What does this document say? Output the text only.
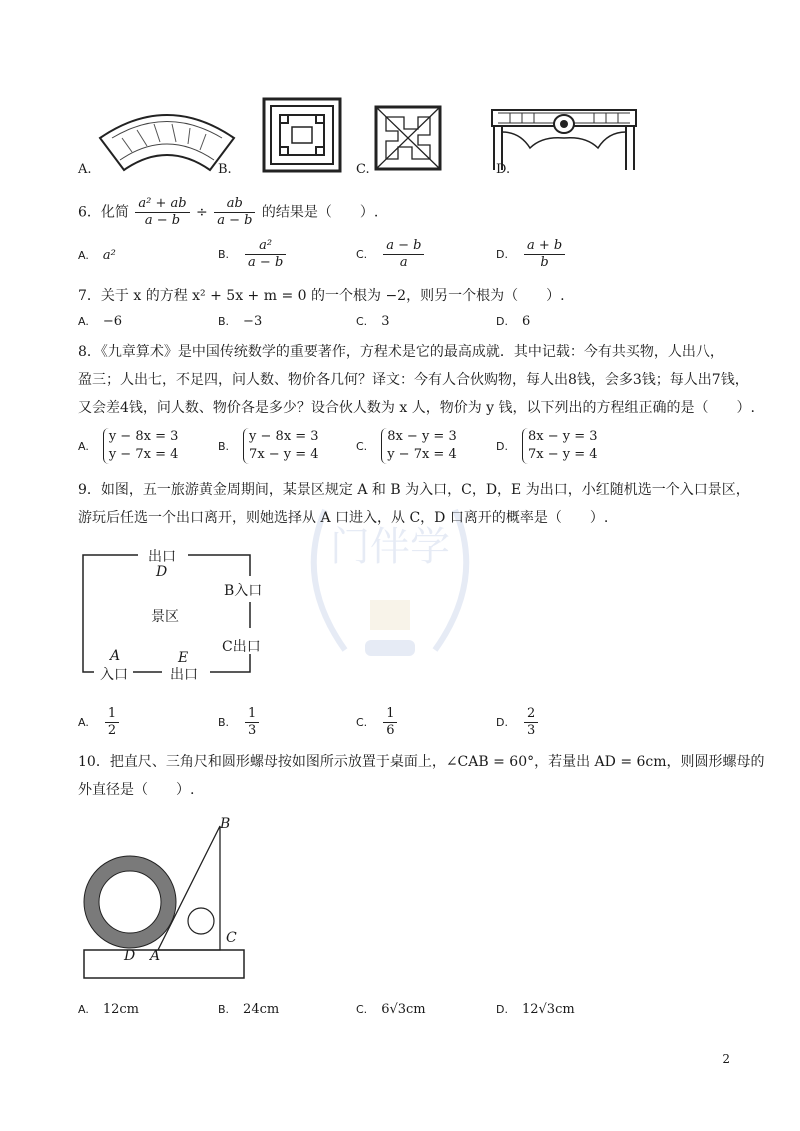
门伴学
A.	B.	C.	D.
6．化简 $\frac{\text{a² + ab}}{a - b} \div \frac{ab}{a - b}$ 的结果是（　　）.
A. a²	B. $\frac{\text{a²}}{a - b}$	C. $\frac{a - b}{a}$	D. $\frac{a + b}{b}$
7．关于 x 的方程 x² + 5x + m = 0 的一个根为 −2，则另一个根为（　　）.
A. −6	B. −3	C. 3	D. 6
8．《九章算术》是中国传统数学的重要著作，方程术是它的最高成就．其中记载：今有共买物，人出八，
盈三；人出七，不足四，问人数、物价各几何？译文：今有人合伙购物，每人出8钱，会多3钱；每人出7钱，
又会差4钱，问人数、物价各是多少？设合伙人数为 x 人，物价为 y 钱，以下列出的方程组正确的是（　　）.
A.
y − 8x = 3
y − 7x = 4
B.
y − 8x = 3
7x − y = 4
C.
8x − y = 3
y − 7x = 4
D.
8x − y = 3
7x − y = 4
9．如图，五一旅游黄金周期间，某景区规定 A 和 B 为入口，C，D，E 为出口，小红随机选一个入口景区，
游玩后任选一个出口离开，则她选择从 A 口进入，从 C，D 口离开的概率是（　　）.
出口
D
B入口
景区
C出口
A	E
入口	出口
A. $\frac{1}{2}$	B. $\frac{1}{3}$	C. $\frac{1}{6}$	D. $\frac{2}{3}$
10．把直尺、三角尺和圆形螺母按如图所示放置于桌面上，∠CAB = 60°，若量出 AD = 6cm，则圆形螺母的
外直径是（　　）.
B
C
D A
A. 12cm	B. 24cm	C. 6√3cm	D. 12√3cm
2
